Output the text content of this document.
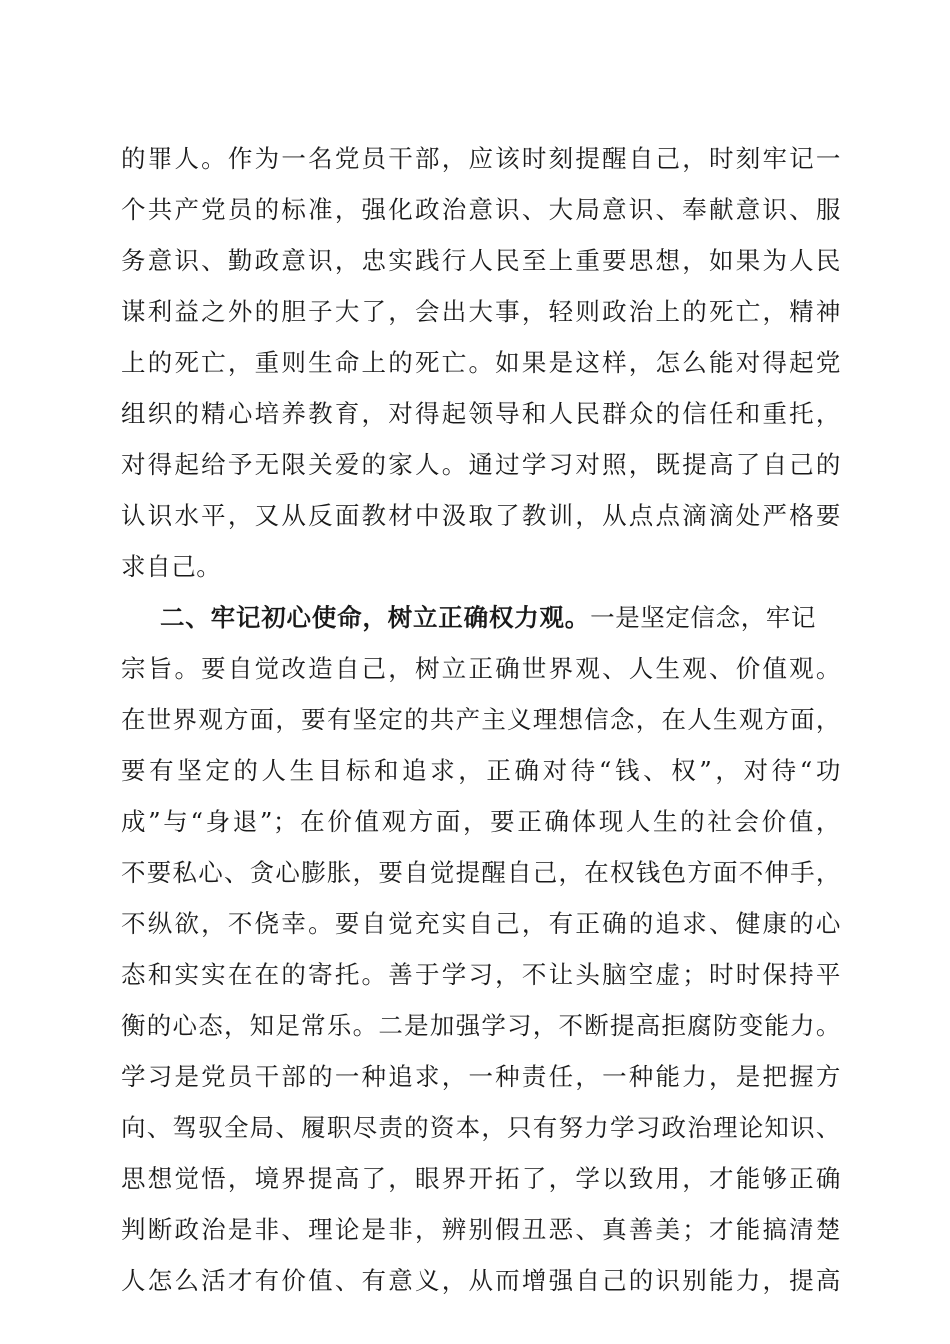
的罪人。作为一名党员干部，应该时刻提醒自己，时刻牢记一
个共产党员的标准，强化政治意识、大局意识、奉献意识、服
务意识、勤政意识，忠实践行人民至上重要思想，如果为人民
谋利益之外的胆子大了，会出大事，轻则政治上的死亡，精神
上的死亡，重则生命上的死亡。如果是这样，怎么能对得起党
组织的精心培养教育，对得起领导和人民群众的信任和重托，
对得起给予无限关爱的家人。通过学习对照，既提高了自己的
认识水平，又从反面教材中汲取了教训，从点点滴滴处严格要
求自己。
二、牢记初心使命，树立正确权力观。一是坚定信念，牢记
宗旨。要自觉改造自己，树立正确世界观、人生观、价值观。
在世界观方面，要有坚定的共产主义理想信念，在人生观方面，
要有坚定的人生目标和追求，正确对待“钱、权”，对待“功
成”与“身退”；在价值观方面，要正确体现人生的社会价值，
不要私心、贪心膨胀，要自觉提醒自己，在权钱色方面不伸手，
不纵欲，不侥幸。要自觉充实自己，有正确的追求、健康的心
态和实实在在的寄托。善于学习，不让头脑空虚；时时保持平
衡的心态，知足常乐。二是加强学习，不断提高拒腐防变能力。
学习是党员干部的一种追求，一种责任，一种能力，是把握方
向、驾驭全局、履职尽责的资本，只有努力学习政治理论知识、
思想觉悟，境界提高了，眼界开拓了，学以致用，才能够正确
判断政治是非、理论是非，辨别假丑恶、真善美；才能搞清楚
人怎么活才有价值、有意义，从而增强自己的识别能力，提高
